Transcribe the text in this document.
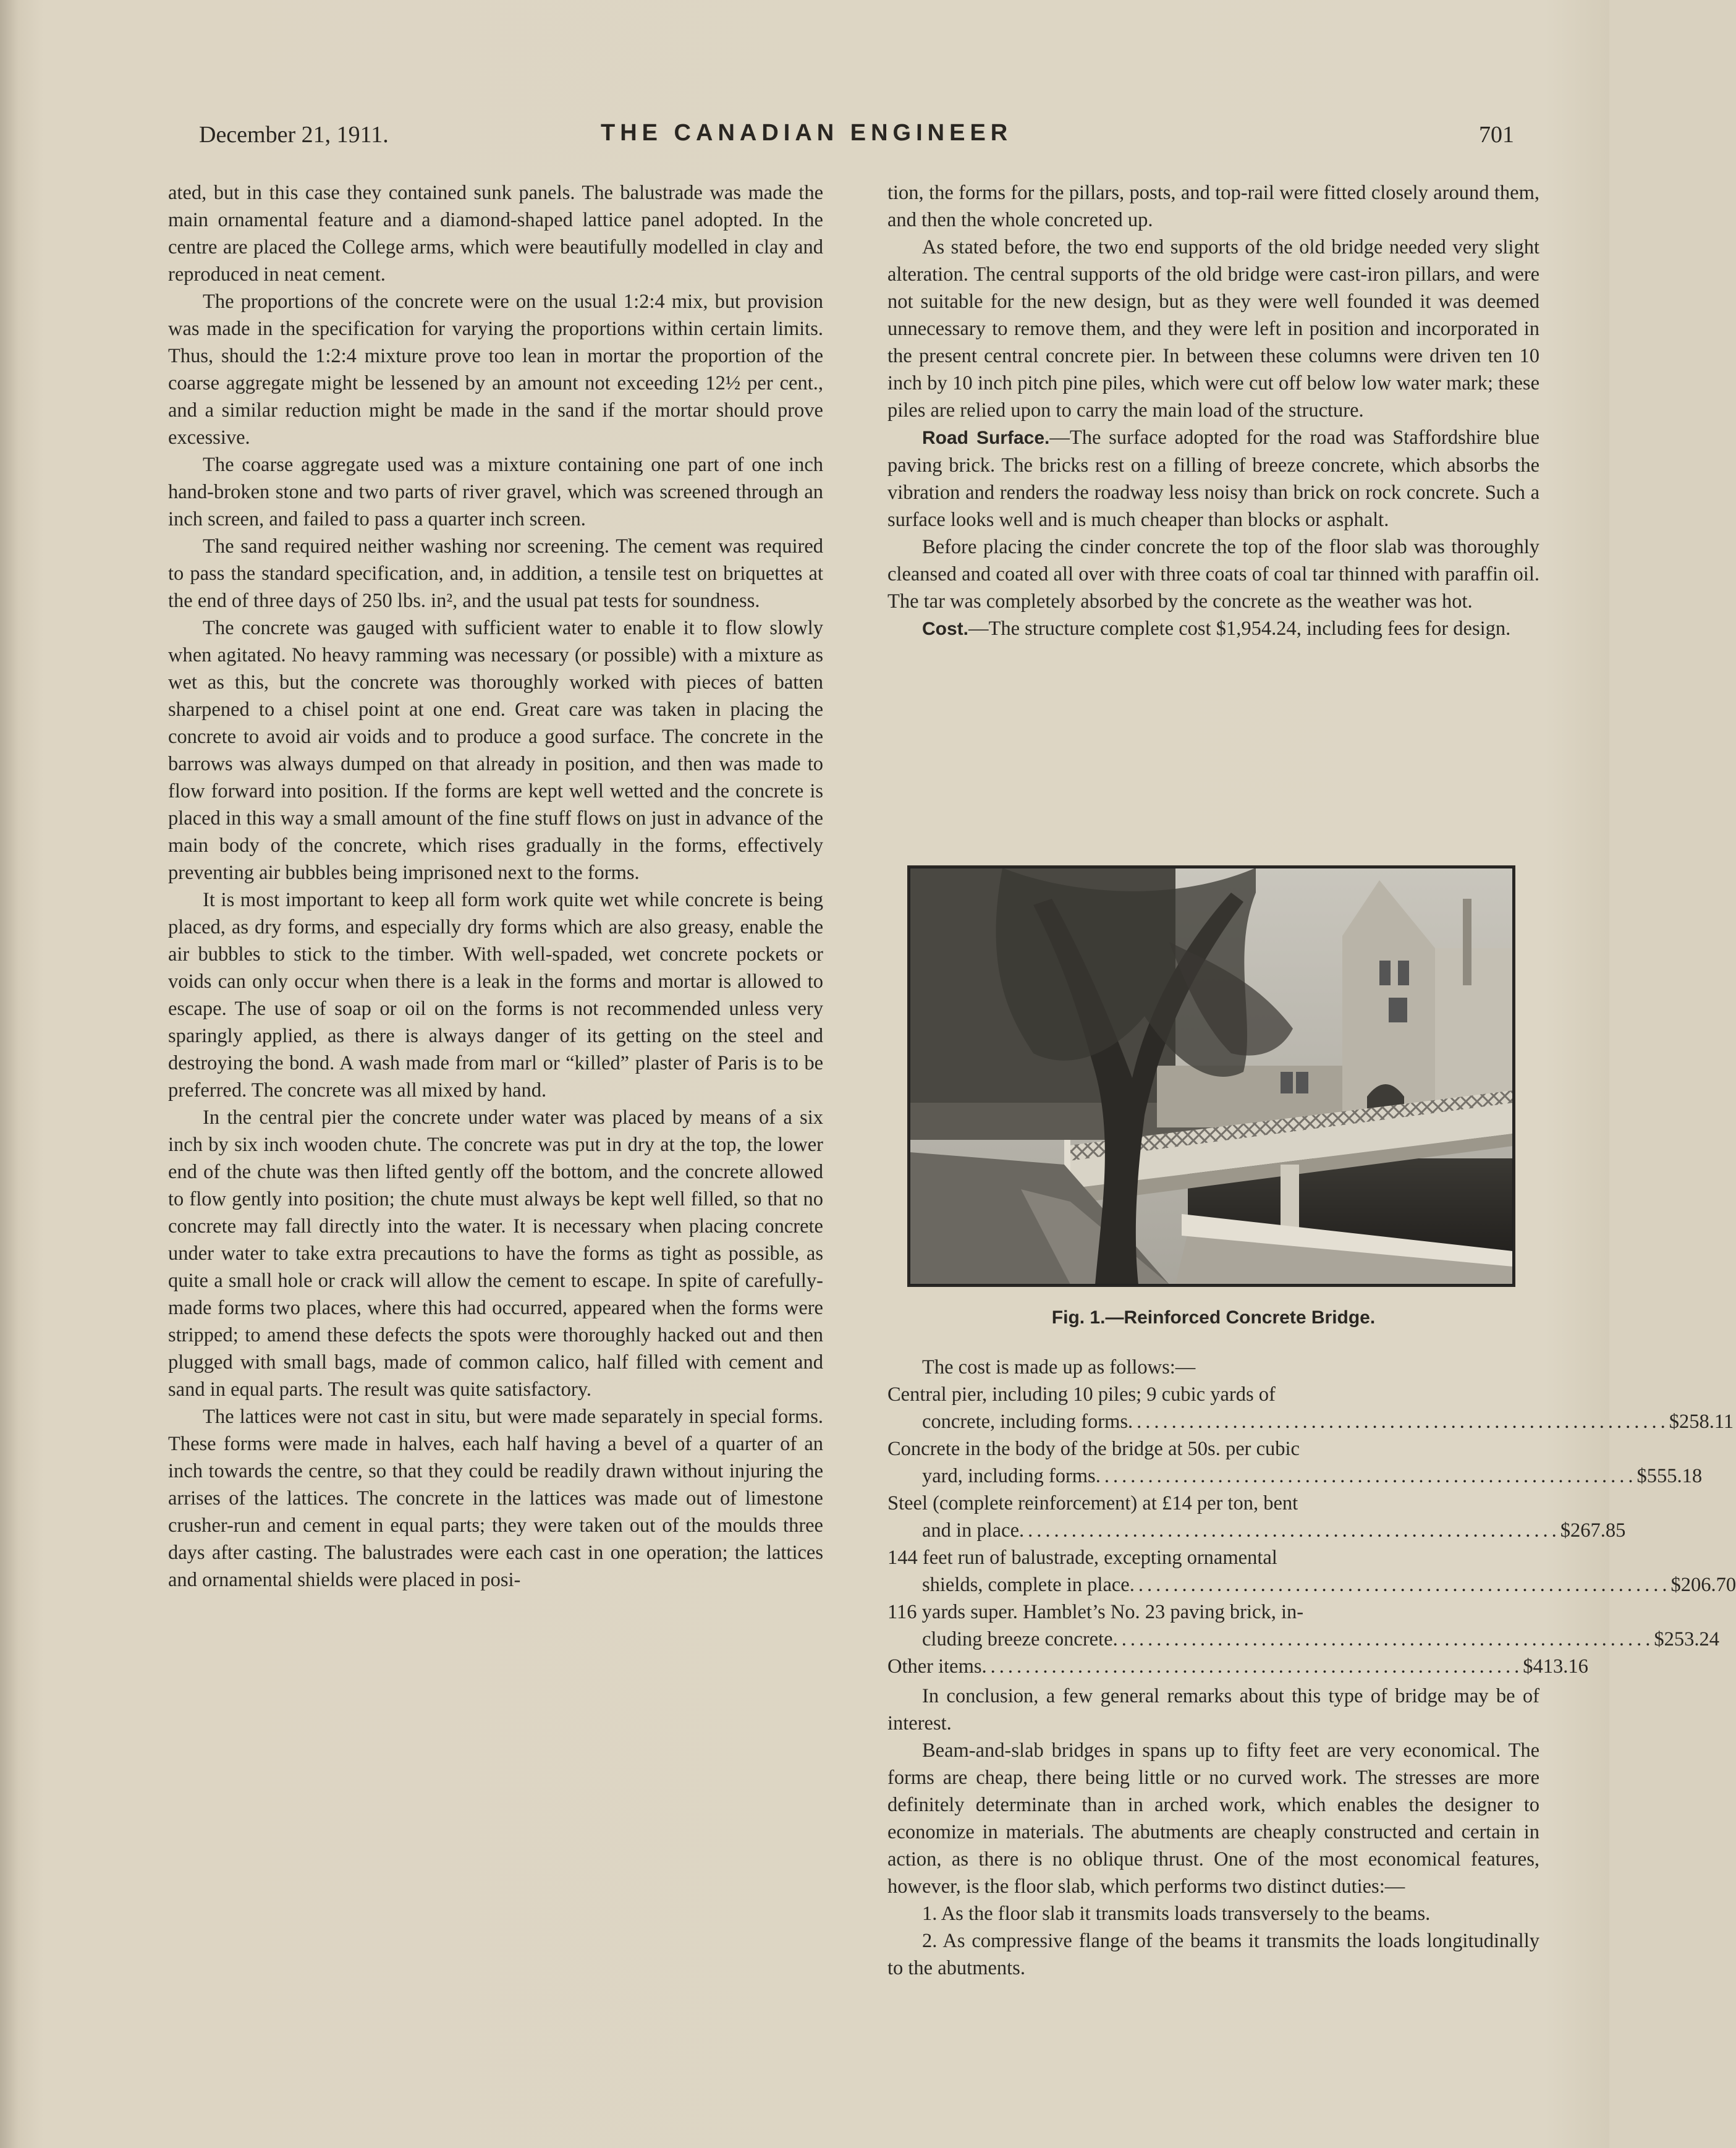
December 21, 1911.	THE CANADIAN ENGINEER	701

ated, but in this case they contained sunk panels. The balustrade was made the main ornamental feature and a diamond-shaped lattice panel adopted. In the centre are placed the College arms, which were beautifully modelled in clay and reproduced in neat cement.

The proportions of the concrete were on the usual 1:2:4 mix, but provision was made in the specification for varying the proportions within certain limits. Thus, should the 1:2:4 mixture prove too lean in mortar the proportion of the coarse aggregate might be lessened by an amount not exceeding 12½ per cent., and a similar reduction might be made in the sand if the mortar should prove excessive.

The coarse aggregate used was a mixture containing one part of one inch hand-broken stone and two parts of river gravel, which was screened through an inch screen, and failed to pass a quarter inch screen.

The sand required neither washing nor screening. The cement was required to pass the standard specification, and, in addition, a tensile test on briquettes at the end of three days of 250 lbs. in², and the usual pat tests for soundness.

The concrete was gauged with sufficient water to enable it to flow slowly when agitated. No heavy ramming was necessary (or possible) with a mixture as wet as this, but the concrete was thoroughly worked with pieces of batten sharpened to a chisel point at one end. Great care was taken in placing the concrete to avoid air voids and to produce a good surface. The concrete in the barrows was always dumped on that already in position, and then was made to flow forward into position. If the forms are kept well wetted and the concrete is placed in this way a small amount of the fine stuff flows on just in advance of the main body of the concrete, which rises gradually in the forms, effectively preventing air bubbles being imprisoned next to the forms.

It is most important to keep all form work quite wet while concrete is being placed, as dry forms, and especially dry forms which are also greasy, enable the air bubbles to stick to the timber. With well-spaded, wet concrete pockets or voids can only occur when there is a leak in the forms and mortar is allowed to escape. The use of soap or oil on the forms is not recommended unless very sparingly applied, as there is always danger of its getting on the steel and destroying the bond. A wash made from marl or “killed” plaster of Paris is to be preferred. The concrete was all mixed by hand.

In the central pier the concrete under water was placed by means of a six inch by six inch wooden chute. The concrete was put in dry at the top, the lower end of the chute was then lifted gently off the bottom, and the concrete allowed to flow gently into position; the chute must always be kept well filled, so that no concrete may fall directly into the water. It is necessary when placing concrete under water to take extra precautions to have the forms as tight as possible, as quite a small hole or crack will allow the cement to escape. In spite of carefully-made forms two places, where this had occurred, appeared when the forms were stripped; to amend these defects the spots were thoroughly hacked out and then plugged with small bags, made of common calico, half filled with cement and sand in equal parts. The result was quite satisfactory.

The lattices were not cast in situ, but were made separately in special forms. These forms were made in halves, each half having a bevel of a quarter of an inch towards the centre, so that they could be readily drawn without injuring the arrises of the lattices. The concrete in the lattices was made out of limestone crusher-run and cement in equal parts; they were taken out of the moulds three days after casting. The balustrades were each cast in one operation; the lattices and ornamental shields were placed in posi-

tion, the forms for the pillars, posts, and top-rail were fitted closely around them, and then the whole concreted up.

As stated before, the two end supports of the old bridge needed very slight alteration. The central supports of the old bridge were cast-iron pillars, and were not suitable for the new design, but as they were well founded it was deemed unnecessary to remove them, and they were left in position and incorporated in the present central concrete pier. In between these columns were driven ten 10 inch by 10 inch pitch pine piles, which were cut off below low water mark; these piles are relied upon to carry the main load of the structure.

Road Surface.—The surface adopted for the road was Staffordshire blue paving brick. The bricks rest on a filling of breeze concrete, which absorbs the vibration and renders the roadway less noisy than brick on rock concrete. Such a surface looks well and is much cheaper than blocks or asphalt.

Before placing the cinder concrete the top of the floor slab was thoroughly cleansed and coated all over with three coats of coal tar thinned with paraffin oil. The tar was completely absorbed by the concrete as the weather was hot.

Cost.—The structure complete cost $1,954.24, including fees for design.

Fig. 1.—Reinforced Concrete Bridge.

The cost is made up as follows:—

Central pier, including 10 piles; 9 cubic yards of
concrete, including forms .............................................................. $258.11
Concrete in the body of the bridge at 50s. per cubic
yard, including forms .............................................................. $555.18
Steel (complete reinforcement) at £14 per ton, bent
and in place .............................................................. $267.85
144 feet run of balustrade, excepting ornamental
shields, complete in place .............................................................. $206.70
116 yards super. Hamblet’s No. 23 paving brick, in-
cluding breeze concrete .............................................................. $253.24
Other items .............................................................. $413.16

In conclusion, a few general remarks about this type of bridge may be of interest.

Beam-and-slab bridges in spans up to fifty feet are very economical. The forms are cheap, there being little or no curved work. The stresses are more definitely determinate than in arched work, which enables the designer to economize in materials. The abutments are cheaply constructed and certain in action, as there is no oblique thrust. One of the most economical features, however, is the floor slab, which performs two distinct duties:—

1. As the floor slab it transmits loads transversely to the beams.

2. As compressive flange of the beams it transmits the loads longitudinally to the abutments.
